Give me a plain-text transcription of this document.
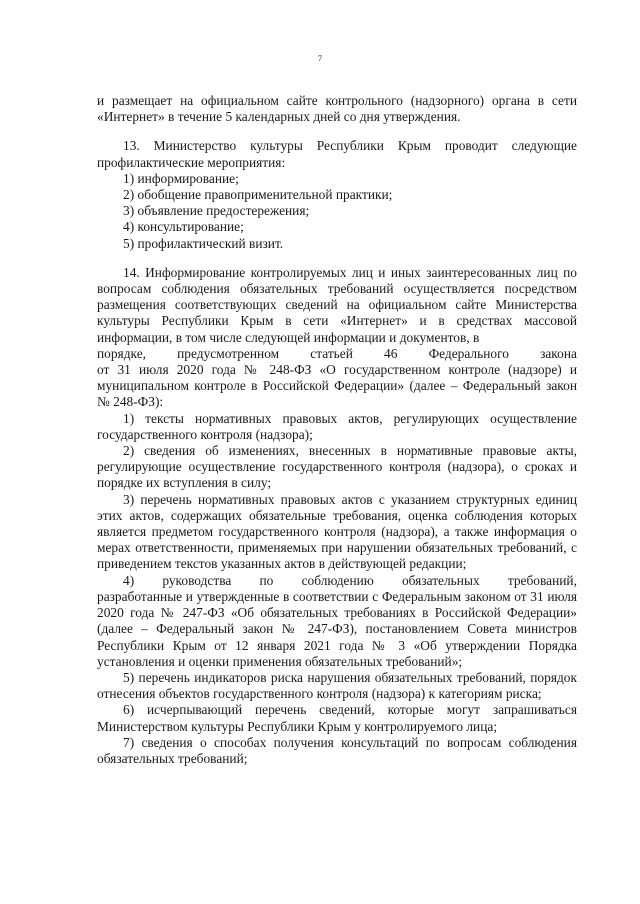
7

и размещает на официальном сайте контрольного (надзорного) органа в сети «Интернет» в течение 5 календарных дней со дня утверждения.

13. Министерство культуры Республики Крым проводит следующие профилактические мероприятия:

1) информирование;
2) обобщение правоприменительной практики;
3) объявление предостережения;
4) консультирование;
5) профилактический визит.

14. Информирование контролируемых лиц и иных заинтересованных лиц по вопросам соблюдения обязательных требований осуществляется посредством размещения соответствующих сведений на официальном сайте Министерства культуры Республики Крым в сети «Интернет» и в средствах массовой информации, в том числе следующей информации и документов, в

порядке, предусмотренном статьей 46 Федерального закона

от 31 июля 2020 года № 248-ФЗ «О государственном контроле (надзоре) и муниципальном контроле в Российской Федерации» (далее – Федеральный закон № 248-ФЗ):

1) тексты нормативных правовых актов, регулирующих осуществление государственного контроля (надзора);

2) сведения об изменениях, внесенных в нормативные правовые акты, регулирующие осуществление государственного контроля (надзора), о сроках и порядке их вступления в силу;

3) перечень нормативных правовых актов с указанием структурных единиц этих актов, содержащих обязательные требования, оценка соблюдения которых является предметом государственного контроля (надзора), а также информация о мерах ответственности, применяемых при нарушении обязательных требований, с приведением текстов указанных актов в действующей редакции;

4) руководства по соблюдению обязательных требований,

разработанные и утвержденные в соответствии с Федеральным законом от 31 июля 2020 года № 247-ФЗ «Об обязательных требованиях в Российской Федерации» (далее – Федеральный закон № 247-ФЗ), постановлением Совета министров Республики Крым от 12 января 2021 года № 3 «Об утверждении Порядка установления и оценки применения обязательных требований»;

5) перечень индикаторов риска нарушения обязательных требований, порядок отнесения объектов государственного контроля (надзора) к категориям риска;

6) исчерпывающий перечень сведений, которые могут запрашиваться Министерством культуры Республики Крым у контролируемого лица;

7) сведения о способах получения консультаций по вопросам соблюдения обязательных требований;
